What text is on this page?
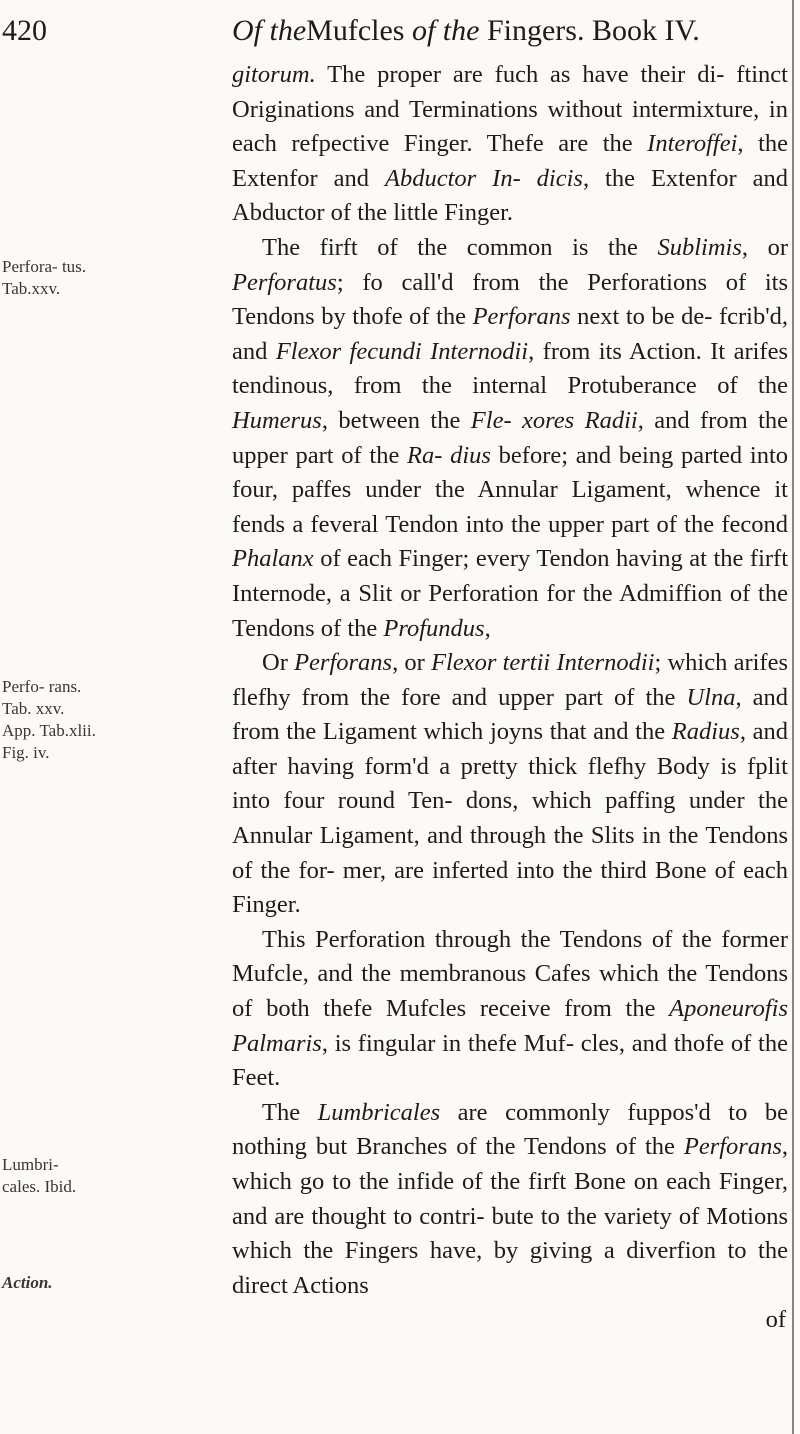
420	Of theMufcles of the Fingers. Book IV.
Perfora- tus. Tab.xxv.
Perfo- rans. Tab. xxv. App. Tab.xlii. Fig. iv.
Lumbri- cales. Ibid.
Action.

gitorum. The proper are fuch as have their di- ftinct Originations and Terminations without intermixture, in each refpective Finger. Thefe are the Interoffei, the Extenfor and Abductor In- dicis, the Extenfor and Abductor of the little Finger.

The firft of the common is the Sublimis, or Perforatus; fo call'd from the Perforations of its Tendons by thofe of the Perforans next to be de- fcrib'd, and Flexor fecundi Internodii, from its Action. It arifes tendinous, from the internal Protuberance of the Humerus, between the Fle- xores Radii, and from the upper part of the Ra- dius before; and being parted into four, paffes under the Annular Ligament, whence it fends a feveral Tendon into the upper part of the fecond Phalanx of each Finger; every Tendon having at the firft Internode, a Slit or Perforation for the Admiffion of the Tendons of the Profundus,

Or Perforans, or Flexor tertii Internodii; which arifes flefhy from the fore and upper part of the Ulna, and from the Ligament which joyns that and the Radius, and after having form'd a pretty thick flefhy Body is fplit into four round Ten- dons, which paffing under the Annular Ligament, and through the Slits in the Tendons of the for- mer, are inferted into the third Bone of each Finger.

This Perforation through the Tendons of the former Mufcle, and the membranous Cafes which the Tendons of both thefe Mufcles receive from the Aponeurofis Palmaris, is fingular in thefe Muf- cles, and thofe of the Feet.

The Lumbricales are commonly fuppos'd to be nothing but Branches of the Tendons of the Perforans, which go to the infide of the firft Bone on each Finger, and are thought to contri- bute to the variety of Motions which the Fingers have, by giving a diverfion to the direct Actions

of
